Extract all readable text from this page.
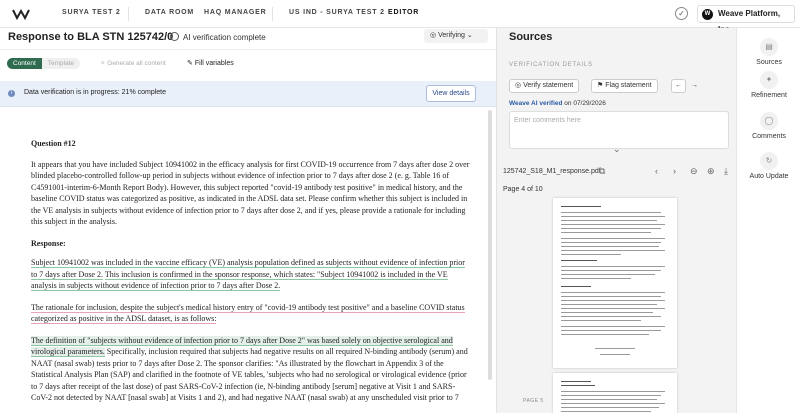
SURYA TEST 2	DATA ROOM HAQ MANAGER	US IND - SURYA TEST 2 EDITOR	✓	W Weave Platform,
Response to BLA STN 125742/0	AI verification complete	◎ Verifying ⌄
Content	Template	✧ Generate all content	✎ Fill variables
i	Data verification is in progress: 21% complete	View details
Question #12
It appears that you have included Subject 10941002 in the efficacy analysis for first COVID-19 occurrence from 7 days after dose 2 over blinded placebo-controlled follow-up period in subjects without evidence of infection prior to 7 days after dose 2 (e. g. Table 16 of C4591001-interim-6-Month Report Body). However, this subject reported "covid-19 antibody test positive" in medical history, and the baseline COVID status was categorized as positive, as indicated in the ADSL data set. Please confirm whether this subject is included in the VE analysis in subjects without evidence of infection prior to 7 days after dose 2, and if yes, please provide a rationale for including this subject in the analysis.
Response:
Subject 10941002 was included in the vaccine efficacy (VE) analysis population defined as subjects without evidence of infection prior to 7 days after Dose 2. This inclusion is confirmed in the sponsor response, which states: "Subject 10941002 is included in the VE analysis in subjects without evidence of infection prior to 7 days after Dose 2.
The rationale for inclusion, despite the subject's medical history entry of "covid-19 antibody test positive" and a baseline COVID status categorized as positive in the ADSL dataset, is as follows:
The definition of "subjects without evidence of infection prior to 7 days after Dose 2" was based solely on objective serological and virological parameters. Specifically, inclusion required that subjects had negative results on all required N-binding antibody (serum) and NAAT (nasal swab) tests prior to 7 days after Dose 2. The sponsor clarifies: "As illustrated by the flowchart in Appendix 3 of the Statistical Analysis Plan (SAP) and clarified in the footnote of VE tables, 'subjects who had no serological or virological evidence (prior to 7 days after receipt of the last dose) of past SARS-CoV-2 infection (ie, N-binding antibody [serum] negative at Visit 1 and SARS-CoV-2 not detected by NAAT [nasal swab] at Visits 1 and 2), and had negative NAAT (nasal swab) at any unscheduled visit prior to 7
Sources
VERIFICATION DETAILS
◎ Verify statement	⚑ Flag statement	←	→
Weave AI verified on 07/29/2026
Enter comments here
⌄
125742_S18_M1_response.pdf
⧉	‹ › ⊖ ⊕ ⤓
Page 4 of 10
PAGE 5
▤
Sources
✦
Refinement
◯
Comments
↻
Auto Update
